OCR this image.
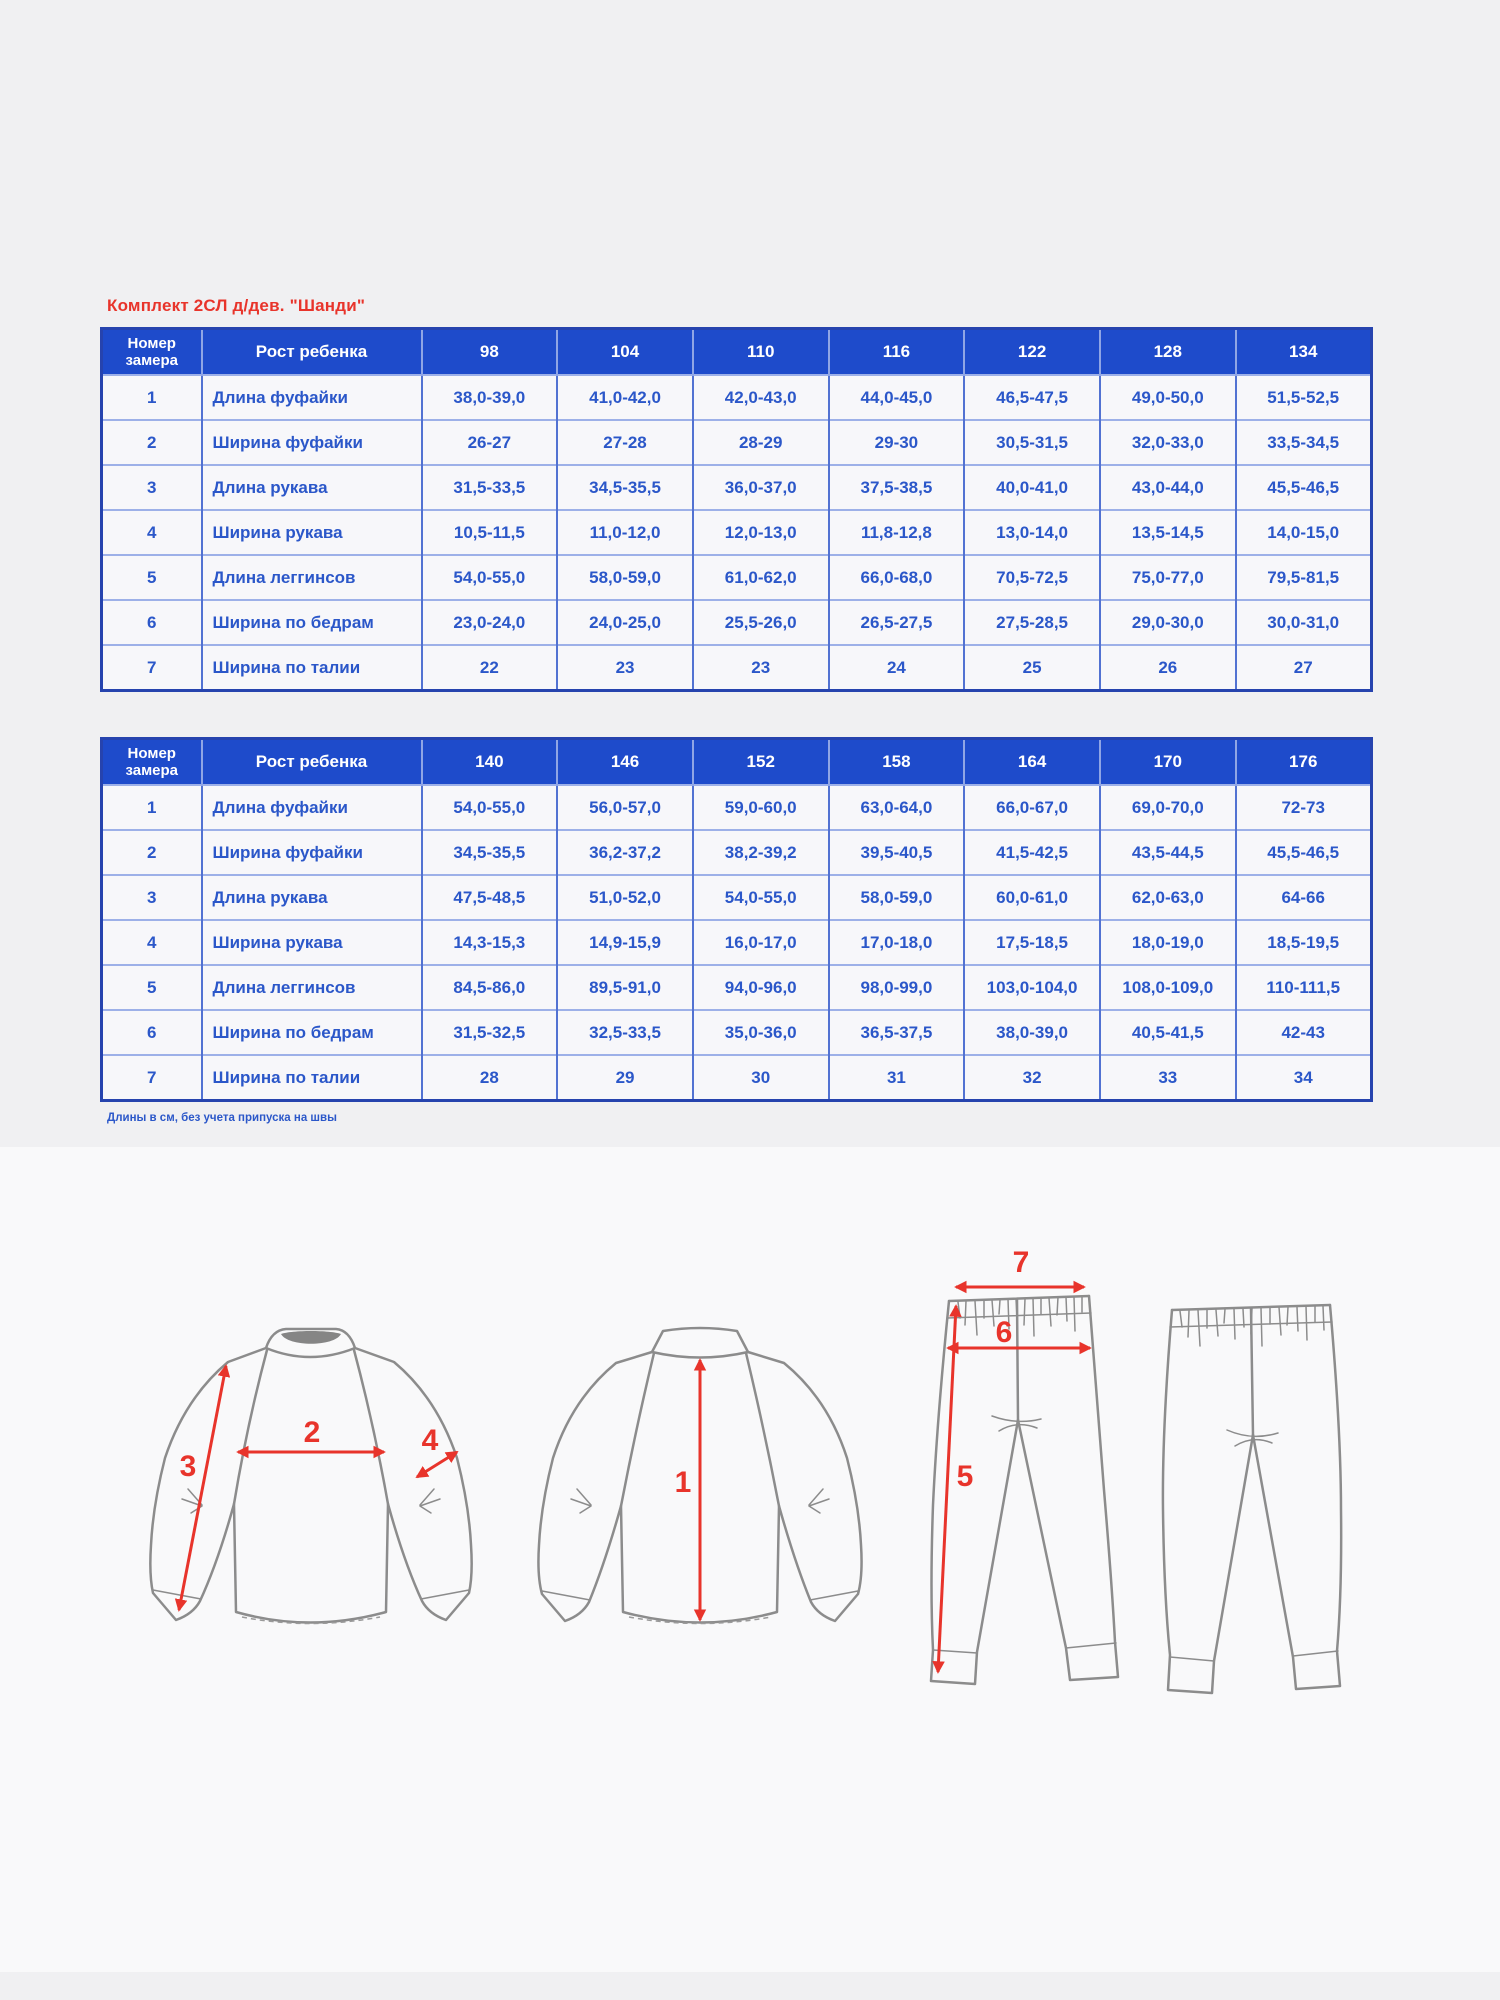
Комплект 2СЛ д/дев. "Шанди"
Номер замера	Рост ребенка	98	104	110	116	122	128	134
1	Длина фуфайки	38,0-39,0	41,0-42,0	42,0-43,0	44,0-45,0	46,5-47,5	49,0-50,0	51,5-52,5
2	Ширина фуфайки	26-27	27-28	28-29	29-30	30,5-31,5	32,0-33,0	33,5-34,5
3	Длина рукава	31,5-33,5	34,5-35,5	36,0-37,0	37,5-38,5	40,0-41,0	43,0-44,0	45,5-46,5
4	Ширина рукава	10,5-11,5	11,0-12,0	12,0-13,0	11,8-12,8	13,0-14,0	13,5-14,5	14,0-15,0
5	Длина леггинсов	54,0-55,0	58,0-59,0	61,0-62,0	66,0-68,0	70,5-72,5	75,0-77,0	79,5-81,5
6	Ширина по бедрам	23,0-24,0	24,0-25,0	25,5-26,0	26,5-27,5	27,5-28,5	29,0-30,0	30,0-31,0
7	Ширина по талии	22	23	23	24	25	26	27
Номер замера	Рост ребенка	140	146	152	158	164	170	176
1	Длина фуфайки	54,0-55,0	56,0-57,0	59,0-60,0	63,0-64,0	66,0-67,0	69,0-70,0	72-73
2	Ширина фуфайки	34,5-35,5	36,2-37,2	38,2-39,2	39,5-40,5	41,5-42,5	43,5-44,5	45,5-46,5
3	Длина рукава	47,5-48,5	51,0-52,0	54,0-55,0	58,0-59,0	60,0-61,0	62,0-63,0	64-66
4	Ширина рукава	14,3-15,3	14,9-15,9	16,0-17,0	17,0-18,0	17,5-18,5	18,0-19,0	18,5-19,5
5	Длина леггинсов	84,5-86,0	89,5-91,0	94,0-96,0	98,0-99,0	103,0-104,0	108,0-109,0	110-111,5
6	Ширина по бедрам	31,5-32,5	32,5-33,5	35,0-36,0	36,5-37,5	38,0-39,0	40,5-41,5	42-43
7	Ширина по талии	28	29	30	31	32	33	34
Длины в см, без учета припуска на швы
3
2	4
1
7
6
5
